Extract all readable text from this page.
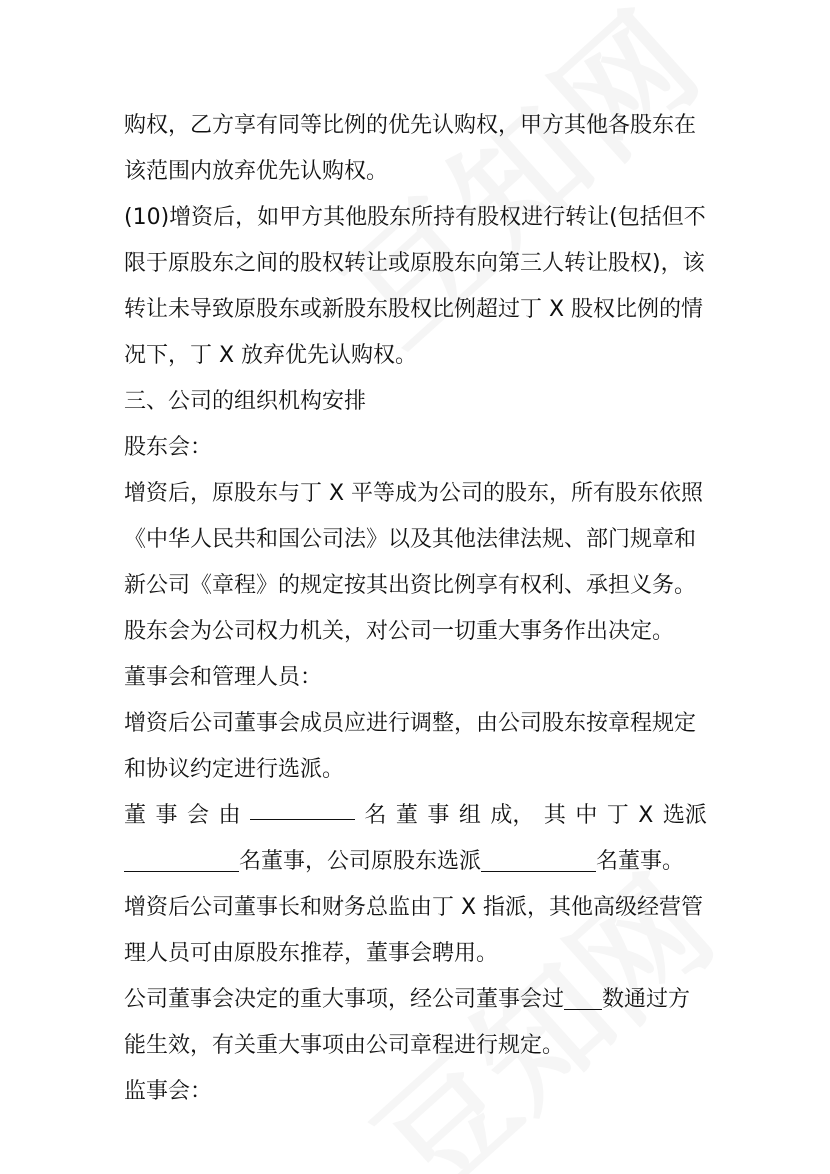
购权，乙方享有同等比例的优先认购权，甲方其他各股东在
该范围内放弃优先认购权。
(10)增资后，如甲方其他股东所持有股权进行转让(包括但不
限于原股东之间的股权转让或原股东向第三人转让股权)，该
转让未导致原股东或新股东股权比例超过丁 X 股权比例的情
况下，丁 X 放弃优先认购权。
三、公司的组织机构安排
股东会：
增资后，原股东与丁 X 平等成为公司的股东，所有股东依照
《中华人民共和国公司法》以及其他法律法规、部门规章和
新公司《章程》的规定按其出资比例享有权利、承担义务。
股东会为公司权力机关，对公司一切重大事务作出决定。
董事会和管理人员：
增资后公司董事会成员应进行调整，由公司股东按章程规定
和协议约定进行选派。
董 事 会 由	名 董 事 组 成， 其 中 丁 X 选派
名董事，公司原股东选派	名董事。
增资后公司董事长和财务总监由丁 X 指派，其他高级经营管
理人员可由原股东推荐，董事会聘用。
公司董事会决定的重大事项，经公司董事会过 数通过方
能生效，有关重大事项由公司章程进行规定。
监事会：
